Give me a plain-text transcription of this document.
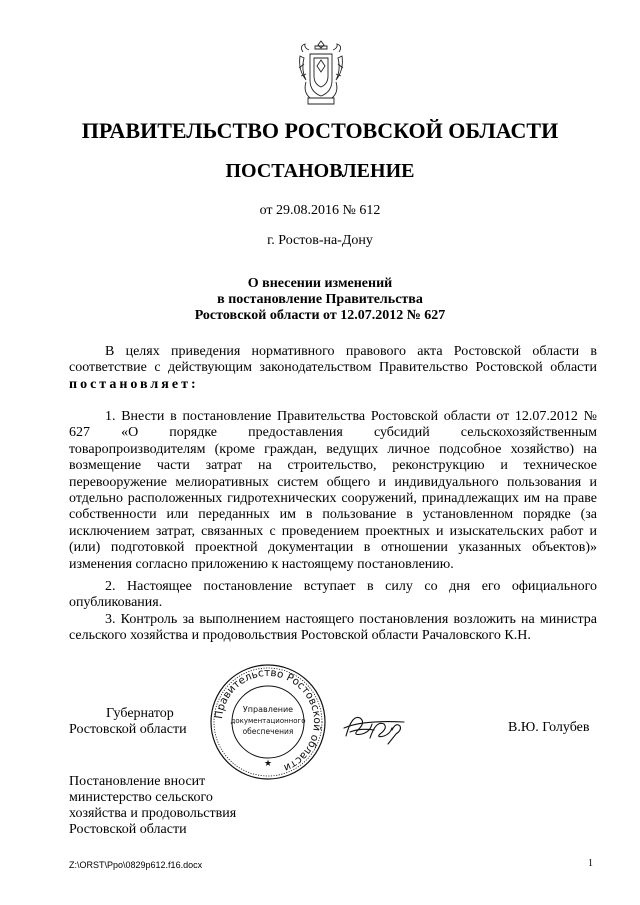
ПРАВИТЕЛЬСТВО РОСТОВСКОЙ ОБЛАСТИ
ПОСТАНОВЛЕНИЕ
от 29.08.2016 № 612
г. Ростов-на-Дону
О внесении изменений
в постановление Правительства
Ростовской области от 12.07.2012 № 627

В целях приведения нормативного правового акта Ростовской области в соответствие с действующим законодательством Правительство Ростовской области постановляет:

1. Внести в постановление Правительства Ростовской области от 12.07.2012 № 627 «О порядке предоставления субсидий сельскохозяйственным товаропроизводителям (кроме граждан, ведущих личное подсобное хозяйство) на возмещение части затрат на строительство, реконструкцию и техническое перевооружение мелиоративных систем общего и индивидуального пользования и отдельно расположенных гидротехнических сооружений, принадлежащих им на праве собственности или переданных им в пользование в установленном порядке (за исключением затрат, связанных с проведением проектных и изыскательских работ и (или) подготовкой проектной документации в отношении указанных объектов)» изменения согласно приложению к настоящему постановлению.

2. Настоящее постановление вступает в силу со дня его официального опубликования.

3. Контроль за выполнением настоящего постановления возложить на министра сельского хозяйства и продовольствия Ростовской области Рачаловского К.Н.

Губернатор
Ростовской области
Правительство Ростовской области
Управление
документационного
обеспечения
★
В.Ю. Голубев
Постановление вносит
министерство сельского
хозяйства и продовольствия
Ростовской области
Z:\ORST\Ppo\0829p612.f16.docx	1
